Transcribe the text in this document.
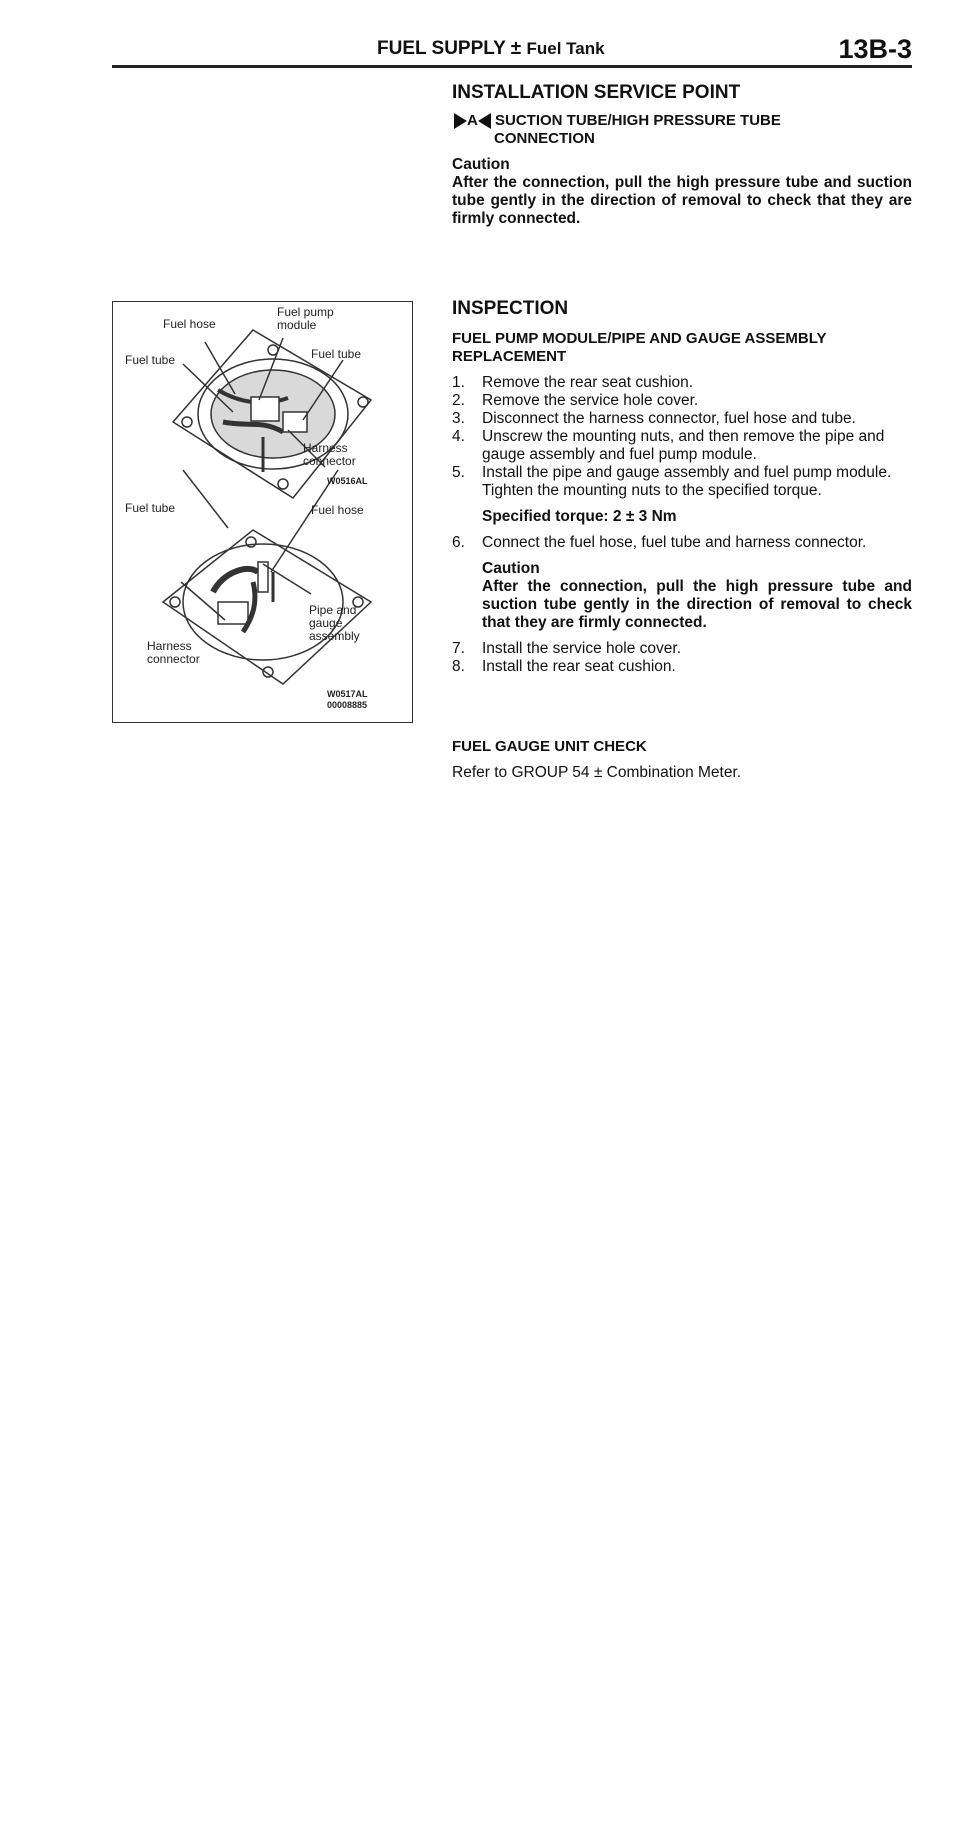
FUEL SUPPLY ± Fuel Tank	13B-3
INSTALLATION SERVICE POINT
A SUCTION TUBE/HIGH PRESSURE TUBE
CONNECTION

Caution

After the connection, pull the high pressure tube and suction tube gently in the direction of removal to check that they are firmly connected.

Fuel hose
Fuel pump module
Fuel tube	Fuel tube
Harness connector
W0516AL
Fuel tube	Fuel hose
Pipe and gauge assembly
Harness connector
W0517AL
00008885
INSPECTION

FUEL PUMP MODULE/PIPE AND GAUGE ASSEMBLY REPLACEMENT

1. Remove the rear seat cushion.
2. Remove the service hole cover.
3. Disconnect the harness connector, fuel hose and tube.
4. Unscrew the mounting nuts, and then remove the pipe and gauge assembly and fuel pump module.
5. Install the pipe and gauge assembly and fuel pump module. Tighten the mounting nuts to the specified torque.

Specified torque: 2 ± 3 Nm

6. Connect the fuel hose, fuel tube and harness connector.

Caution

After the connection, pull the high pressure tube and suction tube gently in the direction of removal to check that they are firmly connected.

7. Install the service hole cover.
8. Install the rear seat cushion.

FUEL GAUGE UNIT CHECK

Refer to GROUP 54 ± Combination Meter.
